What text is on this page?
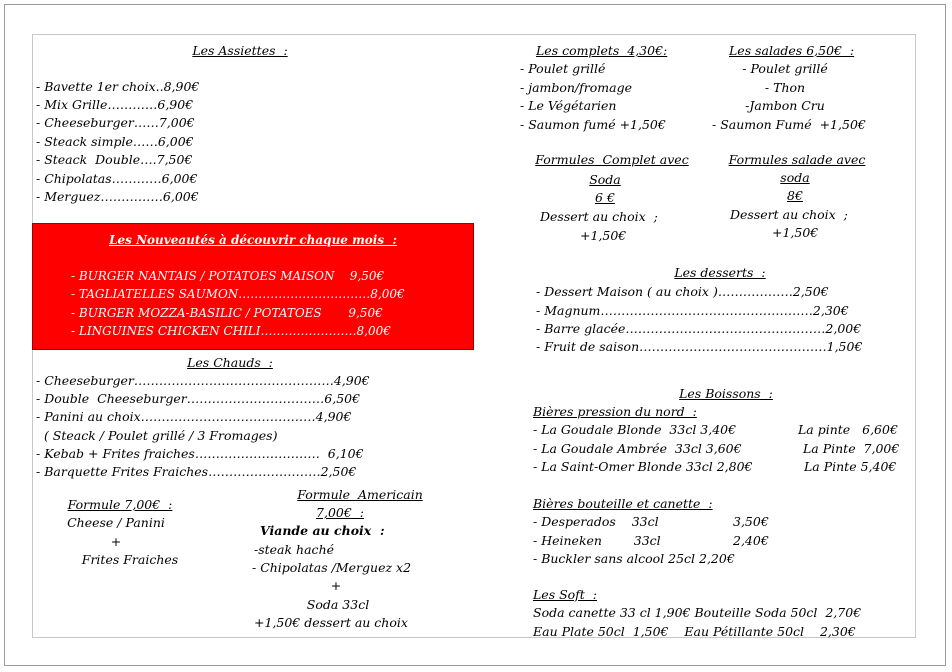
Les Assiettes  :
- Bavette 1er choix..8,90€
- Mix Grille…………6,90€
- Cheeseburger……7,00€
- Steack simple……6,00€
- Steack  Double….7,50€
- Chipolatas…………6,00€
- Merguez……………6,00€
Les Nouveautés à découvrir chaque mois  :
- BURGER NANTAIS / POTATOES MAISON    9,50€
- TAGLIATELLES SAUMON……………………………8,00€
- BURGER MOZZA-BASILIC / POTATOES       9,50€
- LINGUINES CHICKEN CHILI……………………8,00€
Les Chauds  :
- Cheeseburger…………………………………………4,90€
- Double  Cheeseburger……………………………6,50€
- Panini au choix……………………………………4,90€
( Steack / Poulet grillé / 3 Fromages)
- Kebab + Frites fraiches…………………………  6,10€
- Barquette Frites Fraiches………………………2,50€
Formule 7,00€  :
Cheese / Panini
+
Frites Fraiches
Formule  Americain
7,00€  :
Viande au choix  :
-steak haché
- Chipolatas /Merguez x2
+
Soda 33cl
+1,50€ dessert au choix
Les complets  4,30€:
- Poulet grillé
- jambon/fromage
- Le Végétarien
- Saumon fumé +1,50€
Les salades 6,50€  :
- Poulet grillé
- Thon
-Jambon Cru
- Saumon Fumé  +1,50€
Formules  Complet avec
Soda
6 €
Dessert au choix  ;
+1,50€
Formules salade avec
soda
8€
Dessert au choix  ;
+1,50€
Les desserts  :
- Dessert Maison ( au choix )………………2,50€
- Magnum……………………………………………2,30€
- Barre glacée…………………………………………2,00€
- Fruit de saison………………………………………1,50€
Les Boissons  :
Bières pression du nord  :
- La Goudale Blonde  33cl 3,40€	La pinte   6,60€
- La Goudale Ambrée  33cl 3,60€	La Pinte  7,00€
- La Saint-Omer Blonde 33cl 2,80€	La Pinte 5,40€
Bières bouteille et canette  :
- Desperados    33cl	3,50€
- Heineken        33cl	2,40€
- Buckler sans alcool 25cl 2,20€
Les Soft  :
Soda canette 33 cl 1,90€ Bouteille Soda 50cl  2,70€
Eau Plate 50cl  1,50€    Eau Pétillante 50cl    2,30€
